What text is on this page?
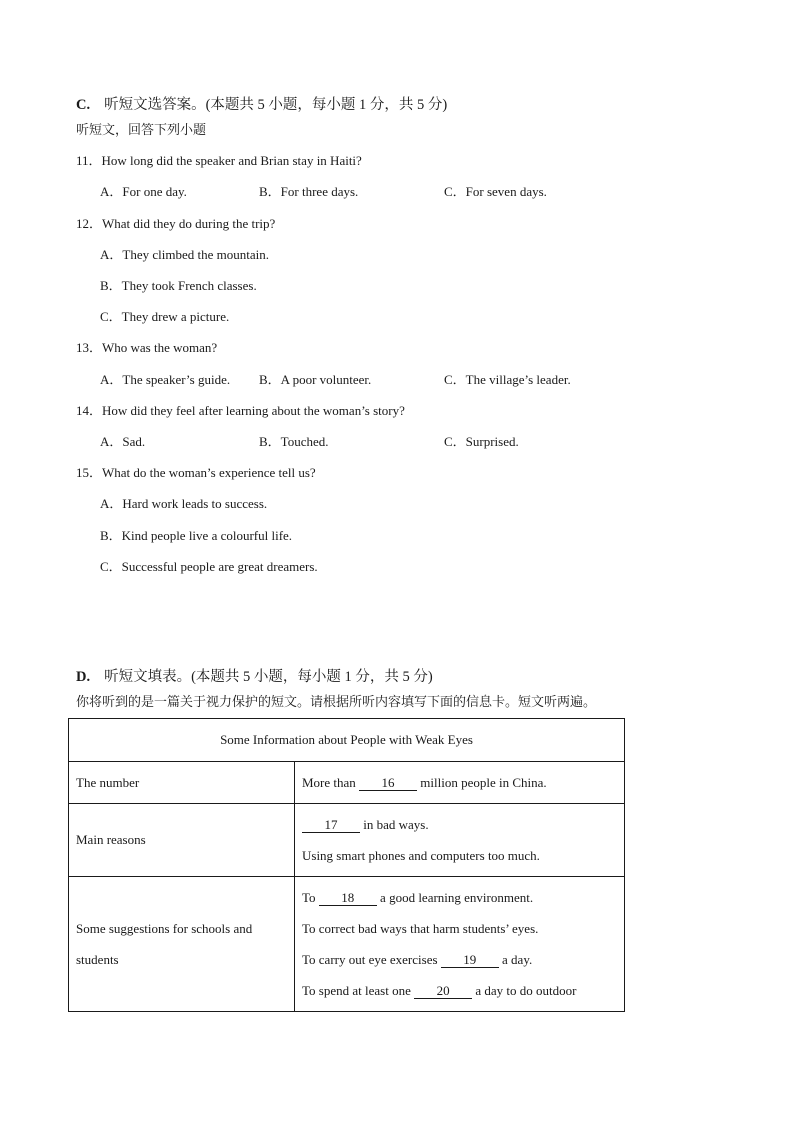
C. 听短文选答案。(本题共 5 小题，每小题 1 分，共 5 分)
听短文，回答下列小题
11．How long did the speaker and Brian stay in Haiti?
A．For one day.	B．For three days.	C．For seven days.
12．What did they do during the trip?
A．They climbed the mountain.
B．They took French classes.
C．They drew a picture.
13．Who was the woman?
A．The speaker’s guide. B．A poor volunteer.	C．The village’s leader.
14．How did they feel after learning about the woman’s story?
A．Sad.	B．Touched.	C．Surprised.
15．What do the woman’s experience tell us?
A．Hard work leads to success.
B．Kind people live a colourful life.
C．Successful people are great dreamers.
D. 听短文填表。(本题共 5 小题，每小题 1 分，共 5 分)
你将听到的是一篇关于视力保护的短文。请根据所听内容填写下面的信息卡。短文听两遍。
Some Information about People with Weak Eyes	
The number	More than 16 million people in China.
Main reasons	17 in bad ways.
Using smart phones and computers too much.

Some suggestions for schools and students	To 18 a good learning environment.
To correct bad ways that harm students’ eyes.
To carry out eye exercises 19 a day.
To spend at least one 20 a day to do outdoor
